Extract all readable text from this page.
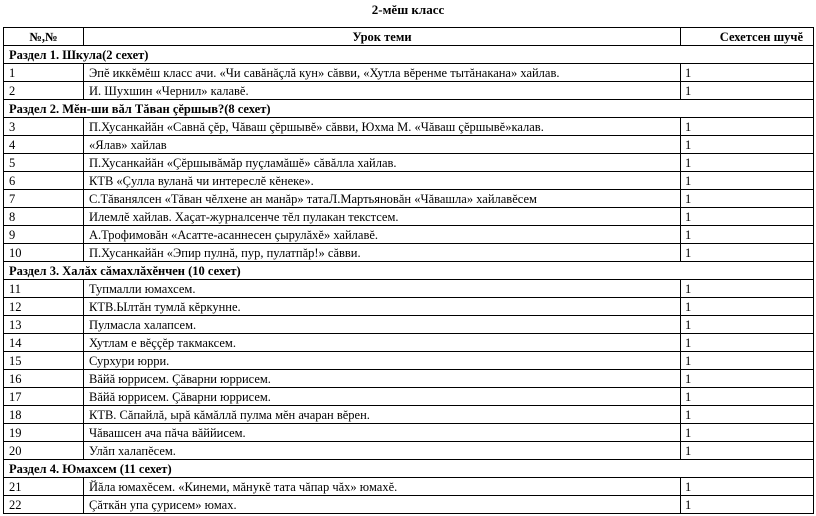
2-мĕш класс
№,№	Урок теми	Сехетсен шучĕ
Раздел 1. Шкула(2 сехет)		
1	Эпĕ иккĕмĕш класс ачи. «Чи савăнăçлă кун» сăвви, «Хутла вĕренме тытăнакана» хайлав.	1
2	И. Шухшин «Чернил» калавĕ.	1
Раздел 2. Мĕн-ши вăл Тăван çĕршыв?(8 сехет)		
3	П.Хусанкайăн «Савнă çĕр, Чăваш çĕршывĕ» сăвви, Юхма М. «Чăваш çĕршывĕ»калав.	1
4	«Ялав» хайлав	1
5	П.Хусанкайăн «Çĕршывăмăр пуçламăшĕ» сăвăлла хайлав.	1
6	КТВ «Çулла вуланă чи интереслĕ кĕнеке».	1
7	С.Тăванялсен «Тăван чĕлхене ан манăр» татаЛ.Мартьяновăн «Чăвашла» хайлавĕсем	1
8	Илемлĕ хайлав. Хаçат-журналсенче тĕл пулакан текстсем.	1
9	А.Трофимовăн «Асатте-асаннесен çырулăхĕ» хайлавĕ.	1
10	П.Хусанкайăн «Эпир пулнă, пур, пулатпăр!» сăвви.	1
Раздел 3. Халăх сăмахлăхĕнчен (10 сехет)		
11	Тупмалли юмахсем.	1
12	КТВ.Ылтăн тумлă кĕркунне.	1
13	Пулмасла халапсем.	1
14	Хутлам е вĕççĕр такмаксем.	1
15	Сурхури юрри.	1
16	Вăйă юррисем. Çăварни юррисем.	1
17	Вăйă юррисем. Çăварни юррисем.	1
18	КТВ. Сăпайлă, ырă кăмăллă пулма мĕн ачаран вĕрен.	1
19	Чăвашсен ача пăча вăййисем.	1
20	Улăп халапĕсем.	1
Раздел 4. Юмахсем (11 сехет)		
21	Йăла юмахĕсем. «Кинеми, мăнукĕ тата чăпар чăх» юмахĕ.	1
22	Çăткăн упа çурисем» юмах.	1
